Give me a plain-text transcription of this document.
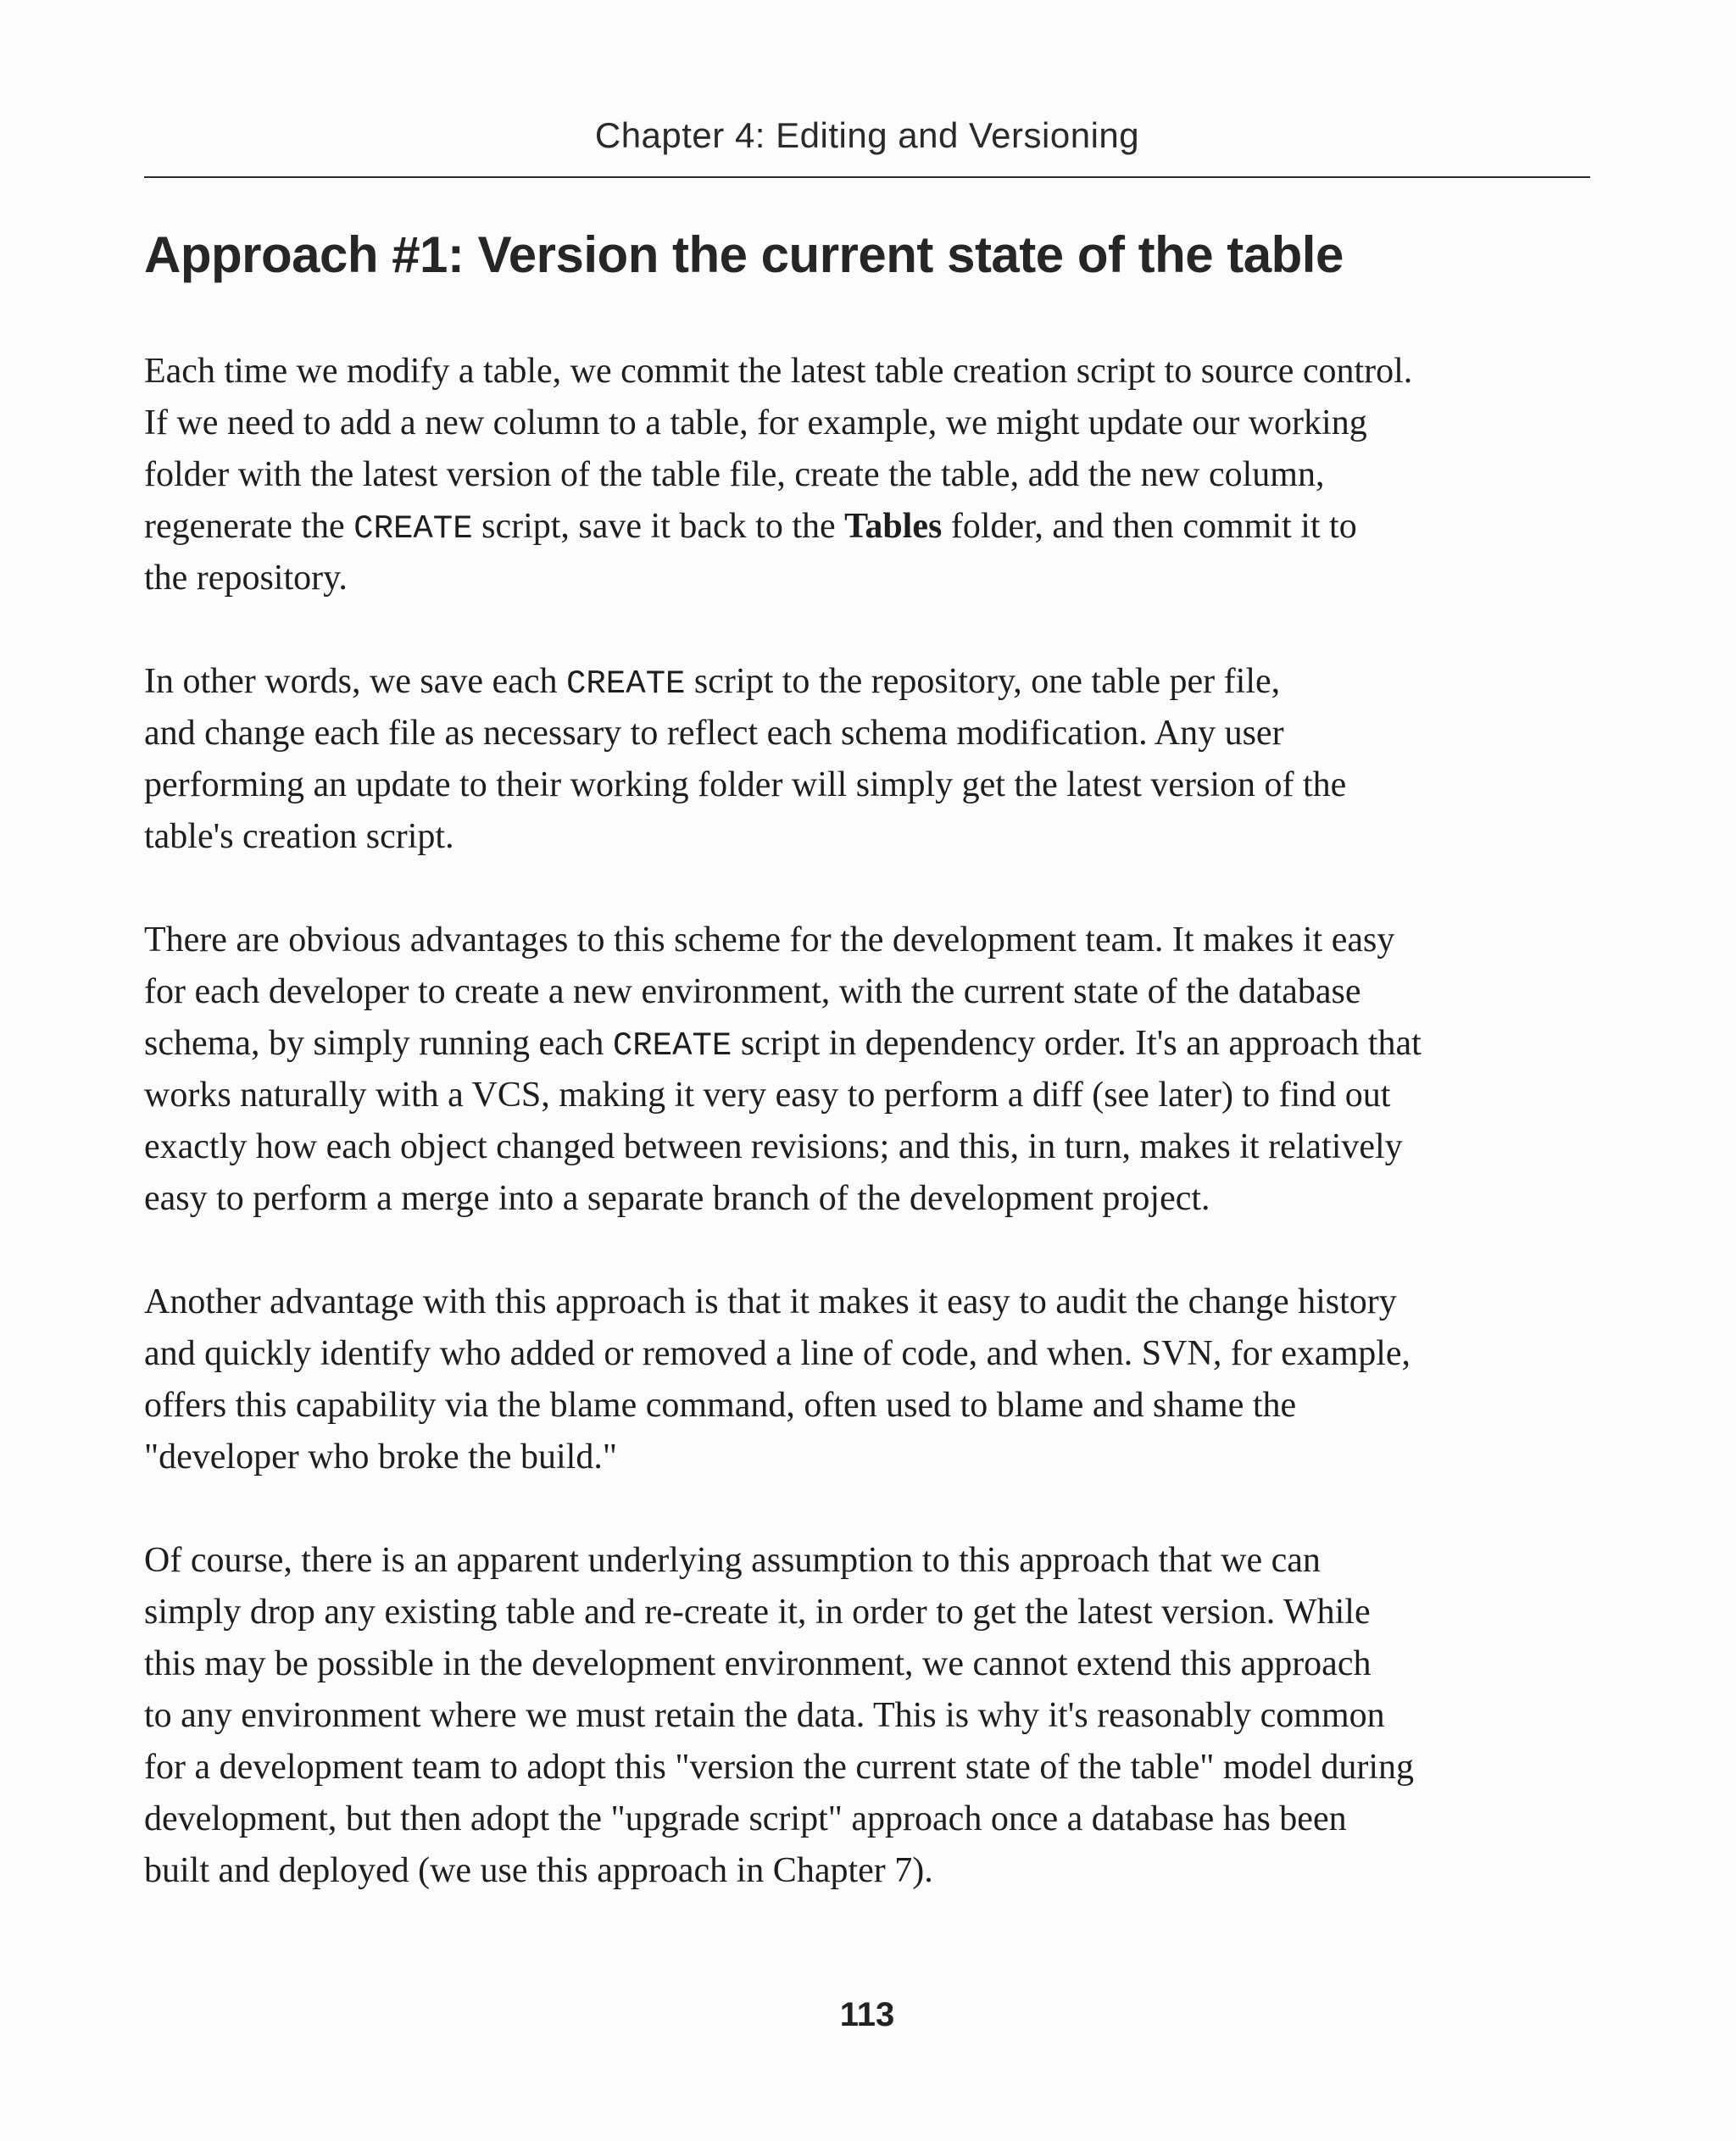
Chapter 4: Editing and Versioning
Approach #1: Version the current state of the table
Each time we modify a table, we commit the latest table creation script to source control.
If we need to add a new column to a table, for example, we might update our working
folder with the latest version of the table file, create the table, add the new column,
regenerate the CREATE script, save it back to the Tables folder, and then commit it to
the repository.
In other words, we save each CREATE script to the repository, one table per file,
and change each file as necessary to reflect each schema modification. Any user
performing an update to their working folder will simply get the latest version of the
table's creation script.
There are obvious advantages to this scheme for the development team. It makes it easy
for each developer to create a new environment, with the current state of the database
schema, by simply running each CREATE script in dependency order. It's an approach that
works naturally with a VCS, making it very easy to perform a diff (see later) to find out
exactly how each object changed between revisions; and this, in turn, makes it relatively
easy to perform a merge into a separate branch of the development project.
Another advantage with this approach is that it makes it easy to audit the change history
and quickly identify who added or removed a line of code, and when. SVN, for example,
offers this capability via the blame command, often used to blame and shame the
"developer who broke the build."
Of course, there is an apparent underlying assumption to this approach that we can
simply drop any existing table and re-create it, in order to get the latest version. While
this may be possible in the development environment, we cannot extend this approach
to any environment where we must retain the data. This is why it's reasonably common
for a development team to adopt this "version the current state of the table" model during
development, but then adopt the "upgrade script" approach once a database has been
built and deployed (we use this approach in Chapter 7).
113
